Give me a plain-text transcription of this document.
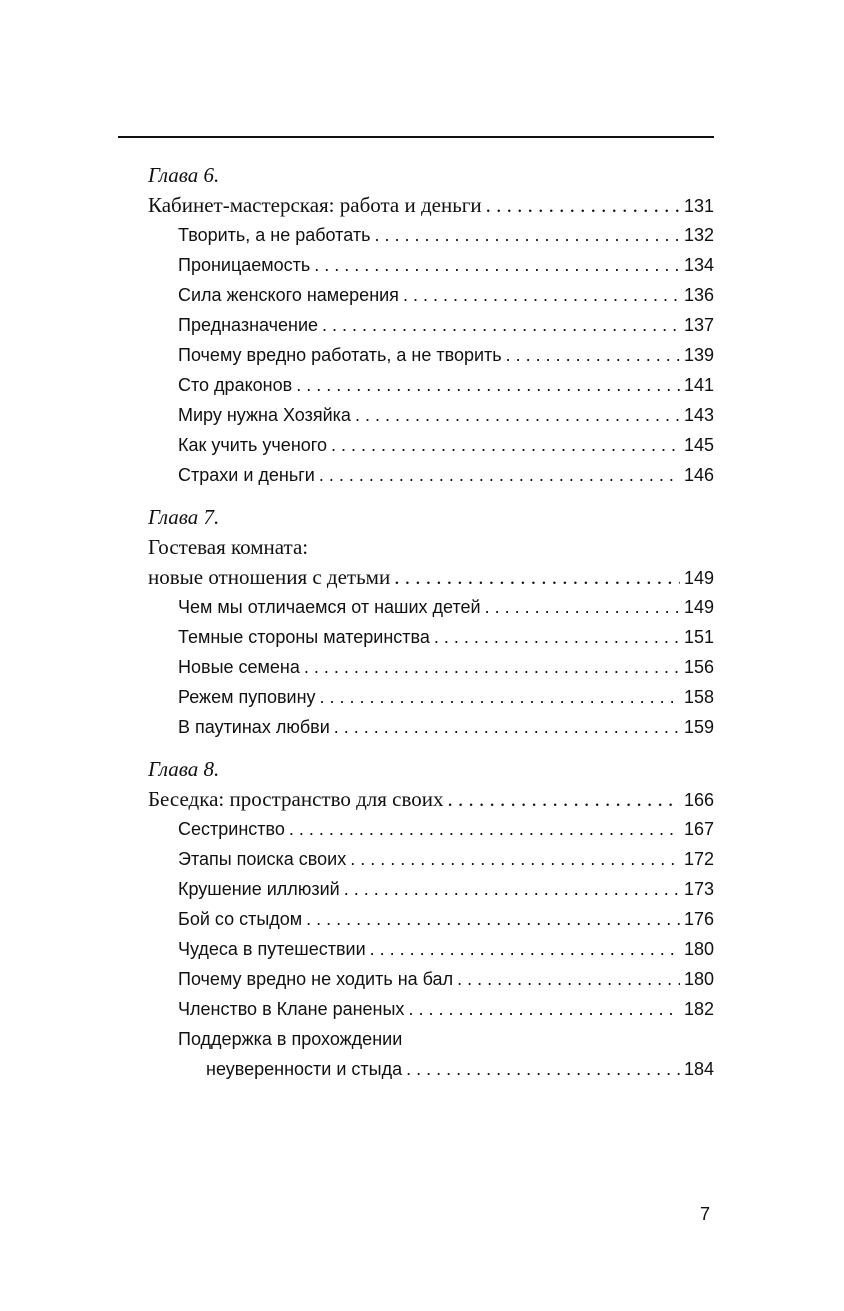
Глава 6.
Кабинет-мастерская: работа и деньги . . .	131
Творить, а не работать . . .	132
Проницаемость . . .	134
Сила женского намерения . . .	136
Предназначение . . .	137
Почему вредно работать, а не творить . . .	139
Сто драконов . . .	141
Миру нужна Хозяйка . . .	143
Как учить ученого . . .	145
Страхи и деньги . . .	146
Глава 7.
Гостевая комната:
новые отношения с детьми . . .	149
Чем мы отличаемся от наших детей . . .	149
Темные стороны материнства . . .	151
Новые семена . . .	156
Режем пуповину . . .	158
В паутинах любви . . .	159
Глава 8.
Беседка: пространство для своих . . .	166
Сестринство . . .	167
Этапы поиска своих . . .	172
Крушение иллюзий . . .	173
Бой со стыдом . . .	176
Чудеса в путешествии . . .	180
Почему вредно не ходить на бал . . .	180
Членство в Клане раненых . . .	182
Поддержка в прохождении
неуверенности и стыда . . .	184
7
